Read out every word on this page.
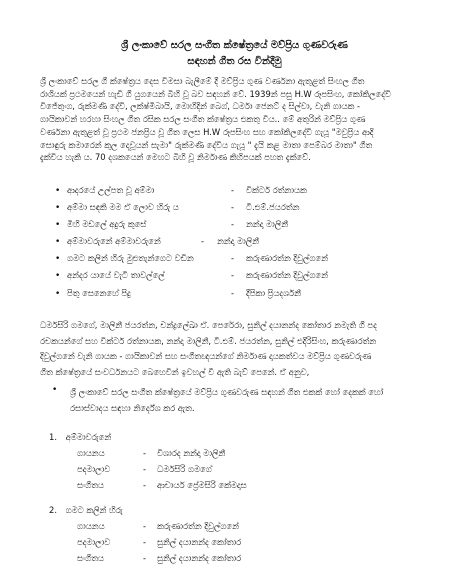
ශ්‍රී ලංකාවේ සරල සංගීත ක්ෂේත්‍රයේ මව්ප්‍රිය ගුණවරුණ
සඳහන් ගීත රස වින්දීමු

ශ්‍රී ලංකාවේ සරල ගී ක්ෂේත්‍රය දෙස විමසා බැලීමේ දී මව්ප්‍රිය ගුණ වර්ණනා ඇතුළත් සිංහල ගීත

රාශියක් ප්‍රථමයෙන් හැඩි ගී යුගයෙන් බිහි වූ බව සඳහන් වේ. 1939න් පසු H.W රූපසිංහ, කෝකිලදේවි

විජේතුංග, රුක්මණී දේවි, ලක්ෂ්මිබායි, මොහිදින් බෙග්, ධර්මා ජෙනට් ද සිල්වා, වැනි ගායක -

ගායිකාවන් හරහා සිංහල ගීත රසික සරල සංගීත ක්ෂේත්‍රය එකතු විය.. මේ අතුරින් මව්ප්‍රිය ගුණ

වර්ණනා ඇතුළත් වූ ප්‍රථම ජනප්‍රිය වූ ගීත ලෙස H.W රූපසිංහ සහ කෝකිලදේවි ගැයූ "මවුප්‍රිය ආදි

සොඳුරු කමාරෙන් කුල දෙවූයන් සැමා" රුක්මණී දේවිය ගැයූ " දැයි කළ මාතා පෙම්බර මාතා" ගීත

දැක්විය හැකි ය. 70 දශකයෙන් මෙහට බිහි වූ නිර්මාණ කිහිපයක් පහත දැක්වේ.

• ආදරයේ උල්පත වූ අම්මා	- වික්ටර් රත්නායක
• අම්මා සඳකි මම ඒ ලොව හිරු ය	- ටී.එම්.ජයරත්න
• මිහි මඩලේ අදුරු කුසේ	- නන්දා මාලිනී
• අම්මාවරුනේ අම්මාවරුනේ	- නන්දා මාලිනී
• ගමට කලින් හිරු මුළුතැන්ගෙට වඩින	- කරුණාරත්න දිවුල්ගනේ
• අන්දර යායේ වැටි තාවල්ලේ	- කරුණාරත්න දිවුල්ගනේ
• පිතු සෙනෙහේ පිදු	- දීපිකා ප්‍රියදර්ශනී

ධර්මසිරි ගමගේ, මාලිනී ජයරත්න, චන්ද්‍රලේඛා ඒ. පෙරේරා, සුනිල් දයානන්ද කෝතාර නමැති ගී පද

රචකයන්ගේ සහ වික්ටර් රත්නායක, නන්දා මාලිනී, ටී.එම්. ජයරත්න, සුනිල් එදිරිසිංහ, කරුණාරත්න

දිවුල්ගනේ වැනි ගායක - ගායිකාවන් සහ සංගීතඥයන්ගේ නිර්මාණ දායකත්වය මව්ප්‍රිය ගුණවරුණ

ගීත ක්ෂේත්‍රයේ සංවර්ධනයට බෙහෙවින් ඉවහල් වී ඇති බැව් පෙනේ. ඒ අනුව,

• ශ්‍රී ලංකාවේ සරල සංගීත ක්ෂේත්‍රයේ මව්ප්‍රිය ගුණවරුණ සඳහන් ගීත එකක් හෝ දෙකක් හෝ
රසාස්වාදය සඳහා නිර්දේශ කර ඇත.
1. අම්මාවරුනේ
ගායනය	- විශාරද නන්දා මාලිනී
පදමාලාව	- ධර්මසිරි ගමගේ
සංගීතය	- ආචාර්ය ප්‍රේමසිරි කේමදාස
2. ගමට කලින් හිරු
ගායනය	- කරුණාරත්න දිවුල්ගනේ
පදමාලාව	- සුනිල් දයානන්ද කෝතාර
සංගීතය	- සුනිල් දයානන්ද කෝතාර
